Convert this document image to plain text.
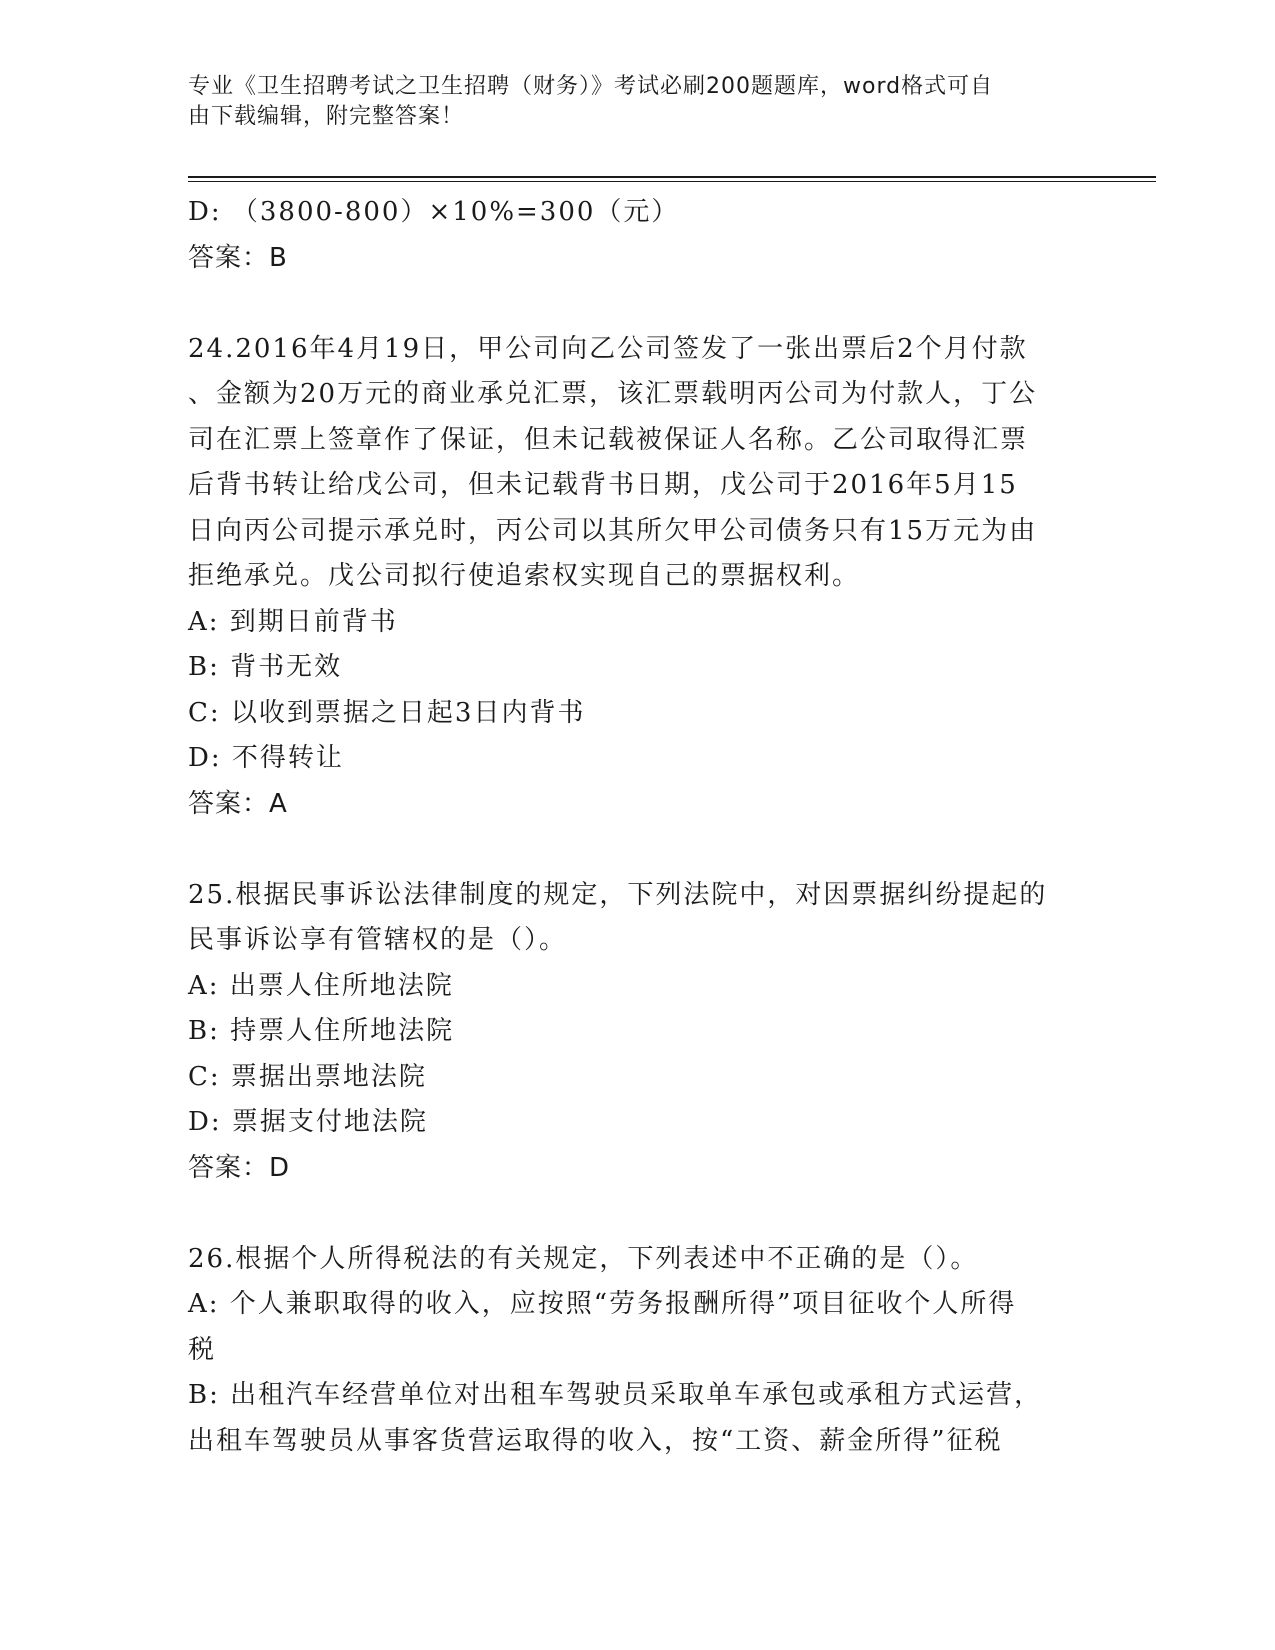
专业《卫生招聘考试之卫生招聘（财务）》考试必刷200题题库，word格式可自
由下载编辑，附完整答案！
D: （3800-800）×10%=300（元）
答案：B
24.2016年4月19日，甲公司向乙公司签发了一张出票后2个月付款
、金额为20万元的商业承兑汇票，该汇票载明丙公司为付款人，丁公
司在汇票上签章作了保证，但未记载被保证人名称。乙公司取得汇票
后背书转让给戊公司，但未记载背书日期，戊公司于2016年5月15
日向丙公司提示承兑时，丙公司以其所欠甲公司债务只有15万元为由
拒绝承兑。戊公司拟行使追索权实现自己的票据权利。
A: 到期日前背书
B: 背书无效
C: 以收到票据之日起3日内背书
D: 不得转让
答案：A
25.根据民事诉讼法律制度的规定，下列法院中，对因票据纠纷提起的
民事诉讼享有管辖权的是（）。
A: 出票人住所地法院
B: 持票人住所地法院
C: 票据出票地法院
D: 票据支付地法院
答案：D
26.根据个人所得税法的有关规定，下列表述中不正确的是（）。
A: 个人兼职取得的收入，应按照“劳务报酬所得”项目征收个人所得
税
B: 出租汽车经营单位对出租车驾驶员采取单车承包或承租方式运营，
出租车驾驶员从事客货营运取得的收入，按“工资、薪金所得”征税
